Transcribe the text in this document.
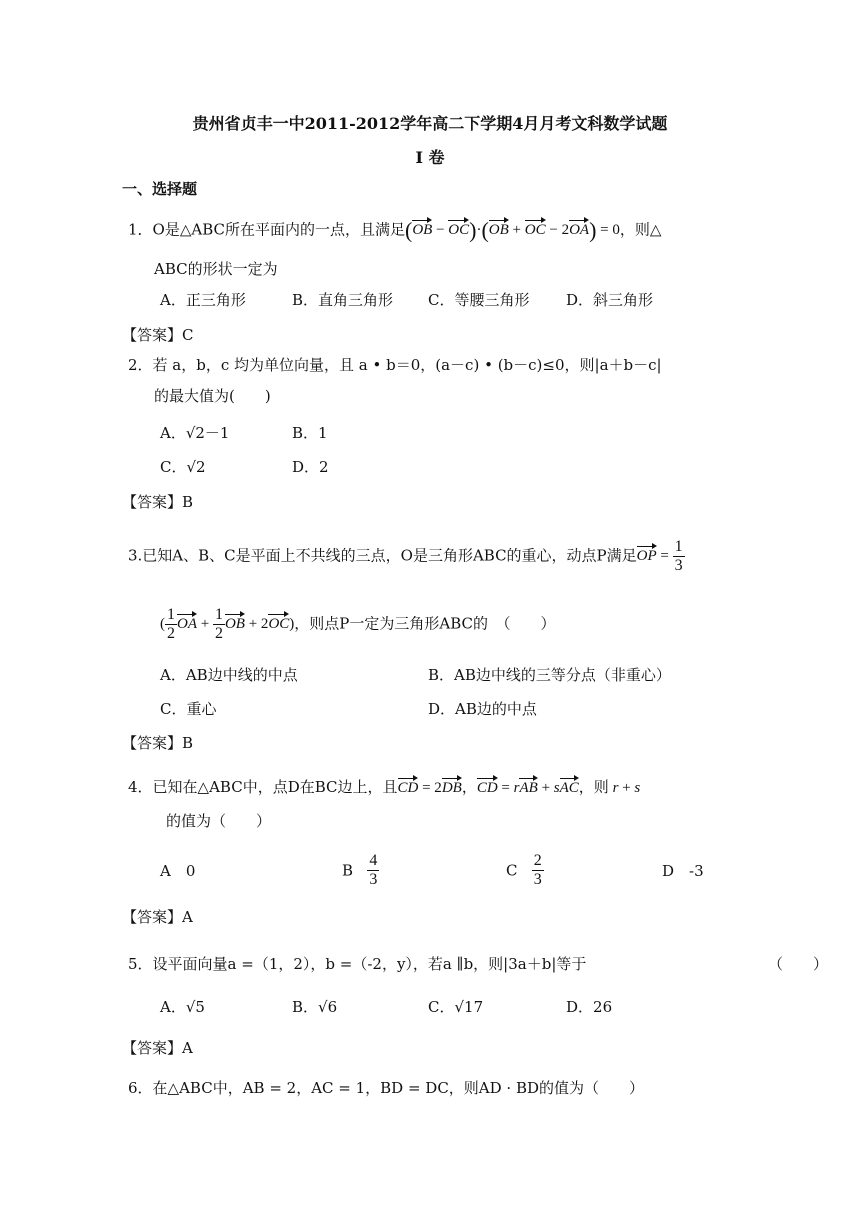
贵州省贞丰一中2011-2012学年高二下学期4月月考文科数学试题
I 卷
一、选择题
1．O是△ABC所在平面内的一点，且满足(OB − OC)·(OB + OC − 2OA) = 0，则△
ABC的形状一定为
A．正三角形	B．直角三角形 C．等腰三角形 D．斜三角形
【答案】C
2．若 a，b，c 均为单位向量，且 a • b＝0，(a－c) • (b－c)≤0，则|a＋b－c|
的最大值为(　　)
A．√2－1	B．1
C．√2	D．2
【答案】B
3.已知A、B、C是平面上不共线的三点，O是三角形ABC的重心，动点P满足OP = $\frac{1}{3}$
( $\frac{1}{2}$ OA + $\frac{1}{2}$ OB + 2OC)，则点P一定为三角形ABC的　（　　）
A．AB边中线的中点	B．AB边中线的三等分点（非重心）
C．重心	D．AB边的中点
【答案】B
4．已知在△ABC中，点D在BC边上，且CD = 2DB，CD = rAB + sAC，则 r + s
的值为（　　）
A　0	B $\frac{4}{3}$	C $\frac{2}{3}$	D　-3
【答案】A
5．设平面向量a =（1，2），b =（-2，y），若a ∥b，则|3a＋b|等于	（　　）
A．√5	B．√6	C．√17	D．26
【答案】A
6．在△ABC中，AB = 2，AC = 1，BD = DC，则AD · BD的值为（　　）
